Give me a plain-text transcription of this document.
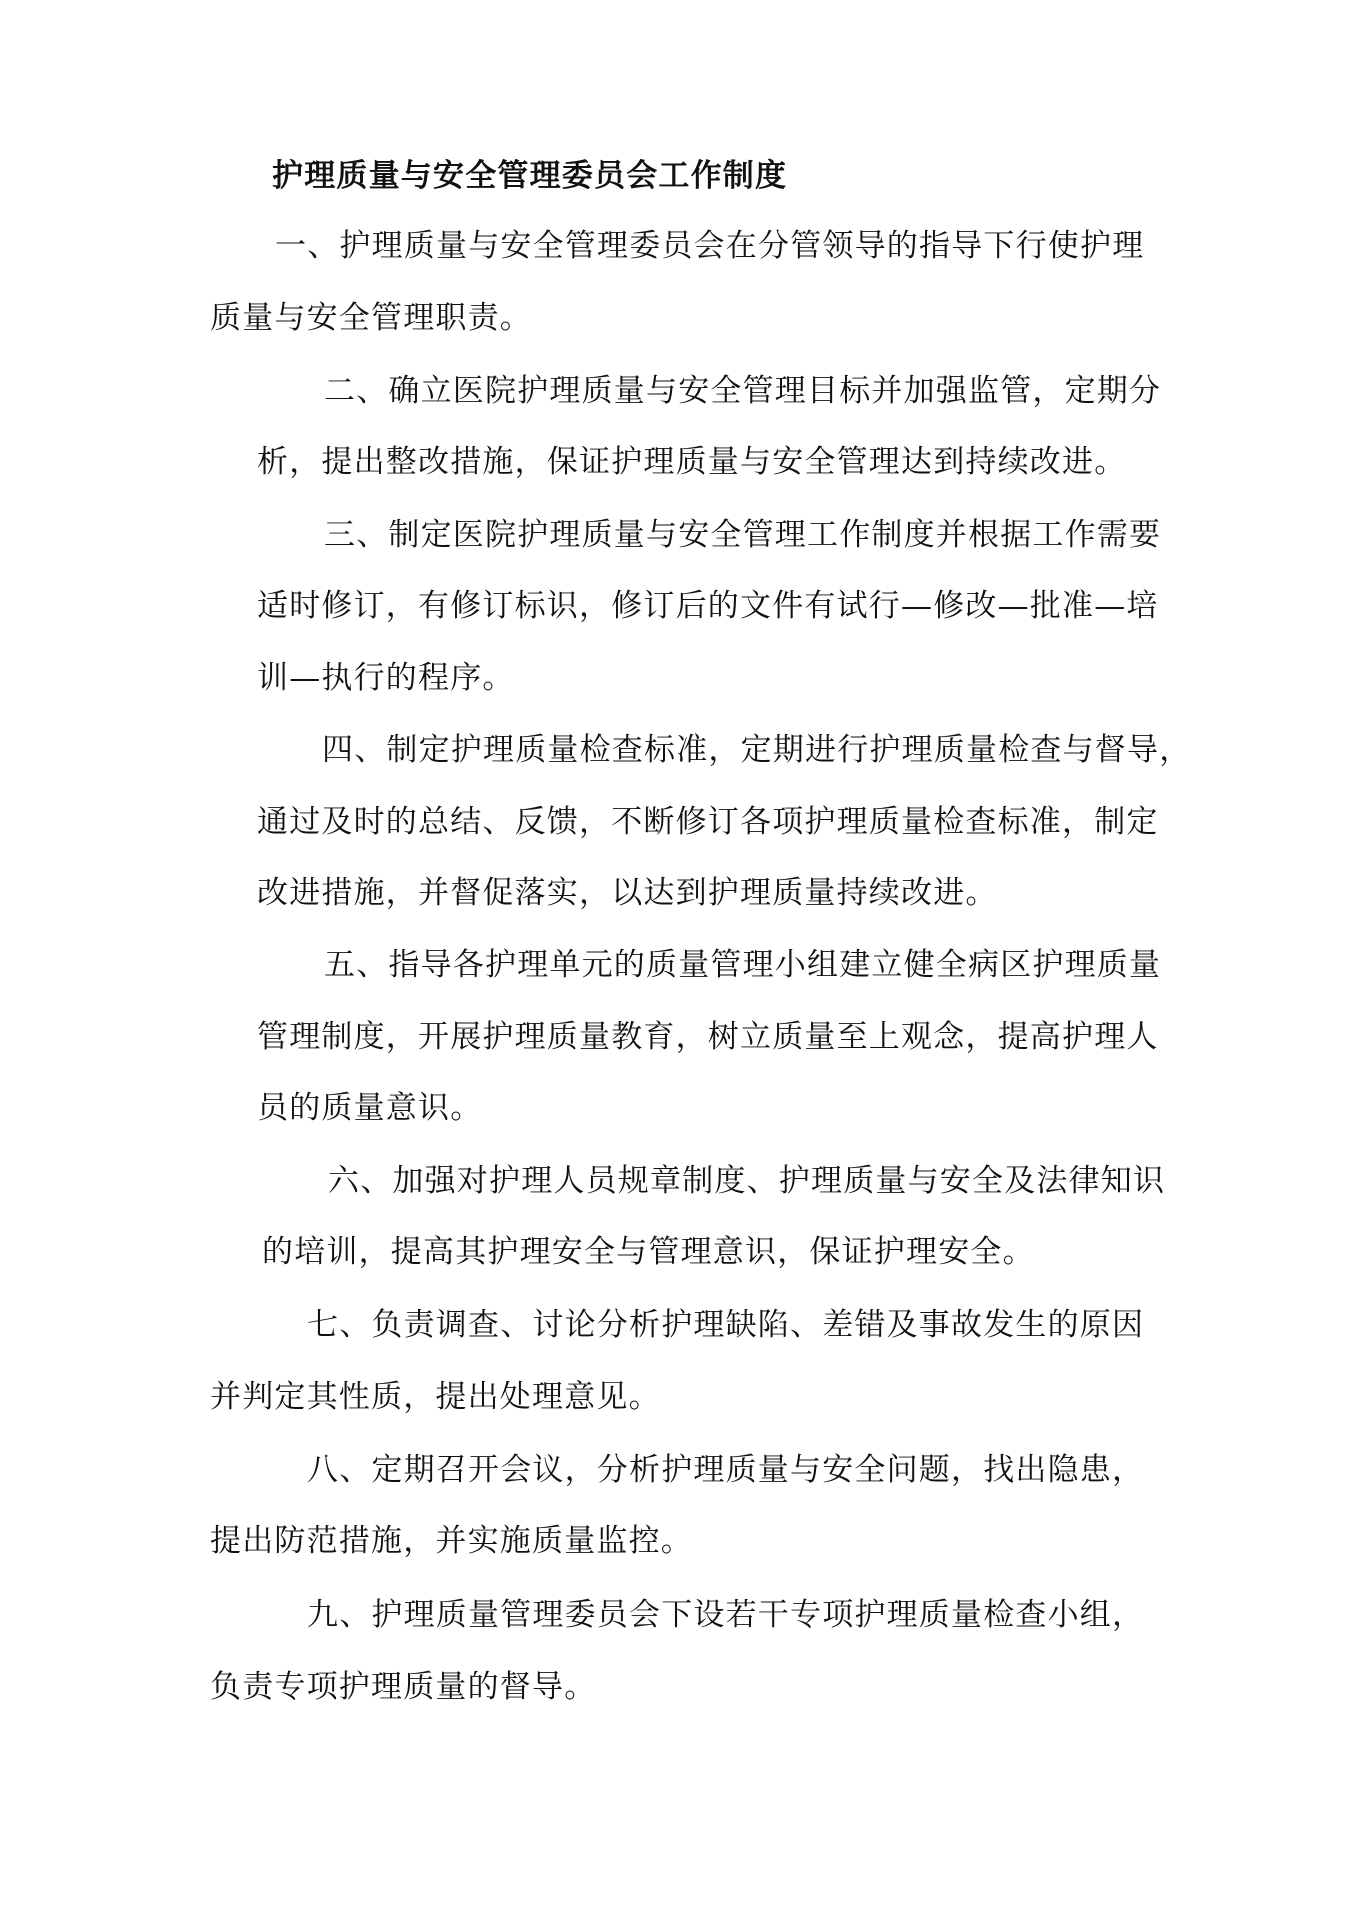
护理质量与安全管理委员会工作制度
一、护理质量与安全管理委员会在分管领导的指导下行使护理
质量与安全管理职责。
二、确立医院护理质量与安全管理目标并加强监管，定期分
析，提出整改措施，保证护理质量与安全管理达到持续改进。
三、制定医院护理质量与安全管理工作制度并根据工作需要
适时修订，有修订标识，修订后的文件有试行—修改—批准—培
训—执行的程序。
四、制定护理质量检查标准，定期进行护理质量检查与督导，
通过及时的总结、反馈，不断修订各项护理质量检查标准，制定
改进措施，并督促落实，以达到护理质量持续改进。
五、指导各护理单元的质量管理小组建立健全病区护理质量
管理制度，开展护理质量教育，树立质量至上观念，提高护理人
员的质量意识。
六、加强对护理人员规章制度、护理质量与安全及法律知识
的培训，提高其护理安全与管理意识，保证护理安全。
七、负责调查、讨论分析护理缺陷、差错及事故发生的原因
并判定其性质，提出处理意见。
八、定期召开会议，分析护理质量与安全问题，找出隐患，
提出防范措施，并实施质量监控。
九、护理质量管理委员会下设若干专项护理质量检查小组，
负责专项护理质量的督导。
